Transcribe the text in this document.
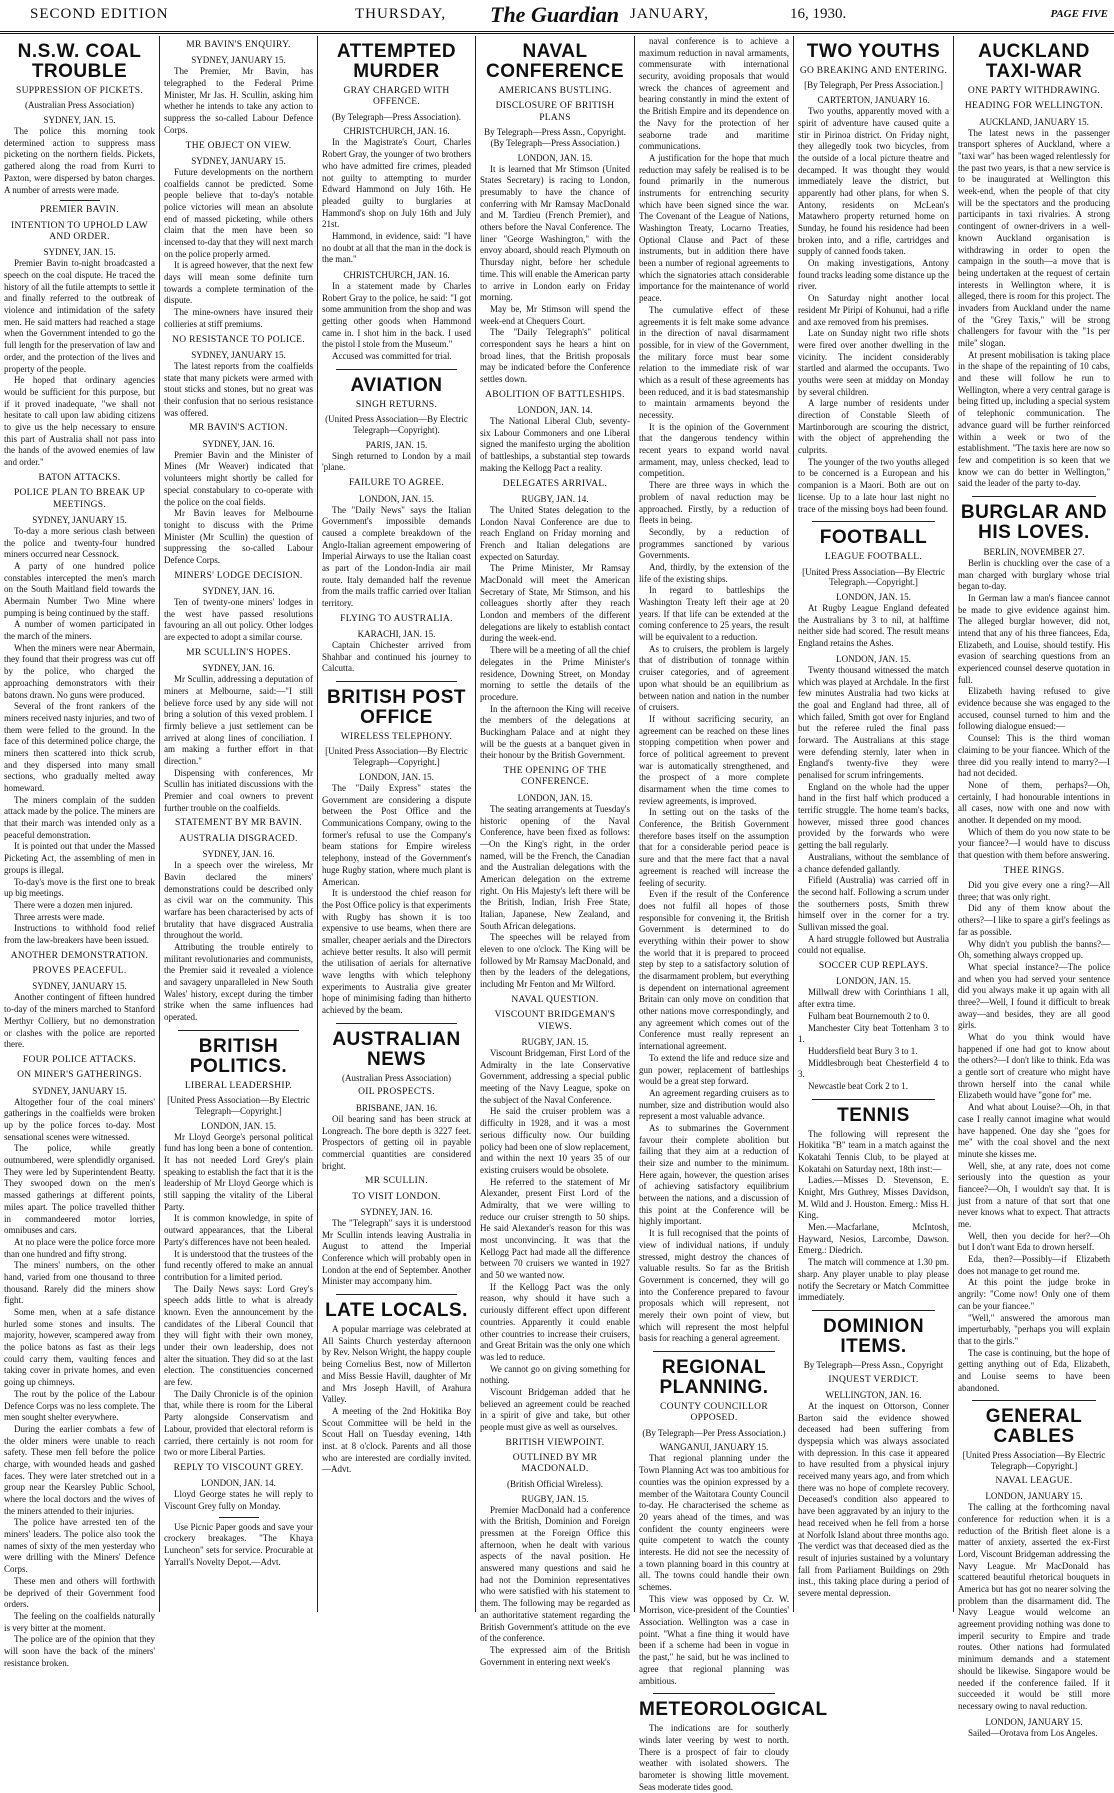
SECOND EDITION	THURSDAY, The Guardian JANUARY,	16, 1930.	PAGE FIVE
N.S.W. COAL TROUBLE
SUPPRESSION OF PICKETS.
(Australian Press Association)
SYDNEY, JAN. 15.

The police this morning took determined action to suppress mass picketing on the northern fields. Pickets, gathered along the road from Kurri to Paxton, were dispersed by baton charges. A number of arrests were made.

PREMIER BAVIN.
INTENTION TO UPHOLD LAW AND ORDER.
SYDNEY, JAN. 15.

Premier Bavin to-night broadcasted a speech on the coal dispute. He traced the history of all the futile attempts to settle it and finally referred to the outbreak of violence and intimidation of the safety men. He said matters had reached a stage when the Government intended to go the full length for the preservation of law and order, and the protection of the lives and property of the people.

He hoped that ordinary agencies would be sufficient for this purpose, but if it proved inadequate, "we shall not hesitate to call upon law abiding citizens to give us the help necessary to ensure this part of Australia shall not pass into the hands of the avowed enemies of law and order."

BATON ATTACKS.
POLICE PLAN TO BREAK UP MEETINGS.
SYDNEY, JANUARY 15.

To-day a more serious clash between the police and twenty-four hundred miners occurred near Cessnock.

A party of one hundred police constables intercepted the men's march on the South Maitland field towards the Abermain Number Two Mine where pumping is being continued by the staff.

A number of women participated in the march of the miners.

When the miners were near Abermain, they found that their progress was cut off by the police, who charged the approaching demonstrators with their batons drawn. No guns were produced.

Several of the front rankers of the miners received nasty injuries, and two of them were felled to the ground. In the face of this determined police charge, the miners then scattered into thick scrub, and they dispersed into many small sections, who gradually melted away homeward.

The miners complain of the sudden attack made by the police. The miners are that their march was intended only as a peaceful demonstration.

It is pointed out that under the Massed Picketing Act, the assembling of men in groups is illegal.

To-day's move is the first one to break up big meetings.

There were a dozen men injured.

Three arrests were made.

Instructions to withhold food relief from the law-breakers have been issued.

ANOTHER DEMONSTRATION.
PROVES PEACEFUL.
SYDNEY, JANUARY 15.

Another contingent of fifteen hundred to-day of the miners marched to Stanford Merthyr Colliery, but no demonstration or clashes with the police are reported there.

FOUR POLICE ATTACKS.
ON MINER'S GATHERINGS.
SYDNEY, JANUARY 15.

Altogether four of the coal miners' gatherings in the coalfields were broken up by the police forces to-day. Most sensational scenes were witnessed.

The police, while greatly outnumbered, were splendidly organised. They were led by Superintendent Beatty. They swooped down on the men's massed gatherings at different points, miles apart. The police travelled thither in commandeered motor lorries, omnibuses and cars.

At no place were the police force more than one hundred and fifty strong.

The miners' numbers, on the other hand, varied from one thousand to three thousand. Rarely did the miners show fight.

Some men, when at a safe distance hurled some stones and insults. The majority, however, scampered away from the police batons as fast as their legs could carry them, vaulting fences and taking cover in private homes, and even going up chimneys.

The rout by the police of the Labour Defence Corps was no less complete. The men sought shelter everywhere.

During the earlier combats a few of the older miners were unable to reach safety. These men fell before the police charge, with wounded heads and gashed faces. They were later stretched out in a group near the Kearsley Public School, where the local doctors and the wives of the miners attended to their injuries.

The police have arrested ten of the miners' leaders. The police also took the names of sixty of the men yesterday who were drilling with the Miners' Defence Corps.

These men and others will forthwith be deprived of their Government food orders.

The feeling on the coalfields naturally is very bitter at the moment.

The police are of the opinion that they will soon have the back of the miners' resistance broken.

MR BAVIN'S ENQUIRY.
SYDNEY, JANUARY 15.

The Premier, Mr Bavin, has telegraphed to the Federal Prime Minister, Mr Jas. H. Scullin, asking him whether he intends to take any action to suppress the so-called Labour Defence Corps.

THE OBJECT ON VIEW.
SYDNEY, JANUARY 15.

Future developments on the northern coalfields cannot be predicted. Some people believe that to-day's notable police victories will mean an absolute end of massed picketing, while others claim that the men have been so incensed to-day that they will next march on the police properly armed.

It is agreed however, that the next few days will mean some definite turn towards a complete termination of the dispute.

The mine-owners have insured their collieries at stiff premiums.

NO RESISTANCE TO POLICE.
SYDNEY, JANUARY 15.

The latest reports from the coalfields state that many pickets were armed with stout sticks and stones, but no great was their confusion that no serious resistance was offered.

MR BAVIN'S ACTION.
SYDNEY, JAN. 16.

Premier Bavin and the Minister of Mines (Mr Weaver) indicated that volunteers might shortly be called for special constabulary to co-operate with the police on the coal fields.

Mr Bavin leaves for Melbourne tonight to discuss with the Prime Minister (Mr Scullin) the question of suppressing the so-called Labour Defence Corps.

MINERS' LODGE DECISION.
SYDNEY, JAN. 16.

Ten of twenty-one miners' lodges in the west have passed resolutions favouring an all out policy. Other lodges are expected to adopt a similar course.

MR SCULLIN'S HOPES.
SYDNEY, JAN. 16.

Mr Scullin, addressing a deputation of miners at Melbourne, said:—"I still believe force used by any side will not bring a solution of this vexed problem. I firmly believe a just settlement can be arrived at along lines of conciliation. I am making a further effort in that direction."

Dispensing with conferences, Mr Scullin has initiated discussions with the Premier and coal owners to prevent further trouble on the coalfields.

STATEMENT BY MR BAVIN.
AUSTRALIA DISGRACED.
SYDNEY, JAN. 16.

In a speech over the wireless, Mr Bavin declared the miners' demonstrations could be described only as civil war on the community. This warfare has been characterised by acts of brutality that have disgraced Australia throughout the world.

Attributing the trouble entirely to militant revolutionaries and communists, the Premier said it revealed a violence and savagery unparalleled in New South Wales' history, except during the timber strike when the same influences had operated.

BRITISH POLITICS.
LIBERAL LEADERSHIP.
[United Press Association—By Electric Telegraph—Copyright.]
LONDON, JAN. 15.

Mr Lloyd George's personal political fund has long been a bone of contention. It has not needed Lord Grey's plain speaking to establish the fact that it is the leadership of Mr Lloyd George which is still sapping the vitality of the Liberal Party.

It is common knowledge, in spite of outward appearances, that the Liberal Party's differences have not been healed.

It is understood that the trustees of the fund recently offered to make an annual contribution for a limited period.

The Daily News says: Lord Grey's speech adds little to what is already known. Even the announcement by the candidates of the Liberal Council that they will fight with their own money, under their own leadership, does not alter the situation. They did so at the last election. The constituencies concerned are few.

The Daily Chronicle is of the opinion that, while there is room for the Liberal Party alongside Conservatism and Labour, provided that electoral reform is carried, there certainly is not room for two or more Liberal Parties.

REPLY TO VISCOUNT GREY.
LONDON, JAN. 14.

Lloyd George states he will reply to Viscount Grey fully on Monday.

Use Picnic Paper goods and save your crockery breakages. "The Khaya Luncheon" sets for service. Procurable at Yarrall's Novelty Depot.—Advt.

ATTEMPTED MURDER
GRAY CHARGED WITH OFFENCE.
(By Telegraph—Press Association).
CHRISTCHURCH, JAN. 16.

In the Magistrate's Court, Charles Robert Gray, the younger of two brothers who have admitted fire crimes, pleaded not guilty to attempting to murder Edward Hammond on July 16th. He pleaded guilty to burglaries at Hammond's shop on July 16th and July 21st.

Hammond, in evidence, said: "I have no doubt at all that the man in the dock is the man."

CHRISTCHURCH, JAN. 16.

In a statement made by Charles Robert Gray to the police, he said: "I got some ammunition from the shop and was getting other goods when Hammond came in. I shot him in the back. I used the pistol I stole from the Museum."

Accused was committed for trial.

AVIATION
SINGH RETURNS.
(United Press Association—By Electric Telegraph—Copyright).
PARIS, JAN. 15.

Singh returned to London by a mail 'plane.

FAILURE TO AGREE.
LONDON, JAN. 15.

The "Daily News" says the Italian Government's impossible demands caused a complete breakdown of the Anglo-Italian agreement empowering of Imperial Airways to use the Italian coast as part of the London-India air mail route. Italy demanded half the revenue from the mails traffic carried over Italian territory.

FLYING TO AUSTRALIA.
KARACHI, JAN. 15.

Captain Chichester arrived from Shahbar and continued his journey to Calcutta.

BRITISH POST OFFICE
WIRELESS TELEPHONY.
[United Press Association—By Electric Telegraph—Copyright.]
LONDON, JAN. 15.

The "Daily Express" states the Government are considering a dispute between the Post Office and the Communications Company, owing to the former's refusal to use the Company's beam stations for Empire wireless telephony, instead of the Government's huge Rugby station, where much plant is American.

It is understood the chief reason for the Post Office policy is that experiments with Rugby has shown it is too expensive to use beams, when there are smaller, cheaper aerials and the Directors achieve better results. It also will permit the utilisation of aerials for alternative wave lengths with which telephony experiments to Australia give greater hope of minimising fading than hitherto achieved by the beam.

AUSTRALIAN NEWS
(Australian Press Association)
OIL PROSPECTS.
BRISBANE, JAN. 16.

Oil bearing sand has been struck at Longreach. The bore depth is 3227 feet. Prospectors of getting oil in payable commercial quantities are considered bright.

MR SCULLIN.
TO VISIT LONDON.
SYDNEY, JAN. 16.

The "Telegraph" says it is understood Mr Scullin intends leaving Australia in August to attend the Imperial Conference which will probably open in London at the end of September. Another Minister may accompany him.

LATE LOCALS.

A popular marriage was celebrated at All Saints Church yesterday afternoon by Rev. Nelson Wright, the happy couple being Cornelius Best, now of Millerton and Miss Bessie Havill, daughter of Mr and Mrs Joseph Havill, of Arahura Valley.

A meeting of the 2nd Hokitika Boy Scout Committee will be held in the Scout Hall on Tuesday evening, 14th inst. at 8 o'clock. Parents and all those who are interested are cordially invited.—Advt.

NAVAL CONFERENCE
AMERICANS BUSTLING.
DISCLOSURE OF BRITISH PLANS
By Telegraph—Press Assn., Copyright. (By Telegraph—Press Association.)
LONDON, JAN. 15.

It is learned that Mr Stimson (United States Secretary) is racing to London, presumably to have the chance of conferring with Mr Ramsay MacDonald and M. Tardieu (French Premier), and others before the Naval Conference. The liner "George Washington," with the envoy aboard, should reach Plymouth on Thursday night, before her schedule time. This will enable the American party to arrive in London early on Friday morning.

May be, Mr Stimson will spend the week-end at Chequers Court.

The "Daily Telegraph's" political correspondent says he hears a hint on broad lines, that the British proposals may be indicated before the Conference settles down.

ABOLITION OF BATTLESHIPS.
LONDON, JAN. 14.

The National Liberal Club, seventy-six Labour Commoners and one Liberal signed the manifesto urging the abolition of battleships, a substantial step towards making the Kellogg Pact a reality.

DELEGATES ARRIVAL.
RUGBY, JAN. 14.

The United States delegation to the London Naval Conference are due to reach England on Friday morning and French and Italian delegations are expected on Saturday.

The Prime Minister, Mr Ramsay MacDonald will meet the American Secretary of State, Mr Stimson, and his colleagues shortly after they reach London and members of the different delegations are likely to establish contact during the week-end.

There will be a meeting of all the chief delegates in the Prime Minister's residence, Downing Street, on Monday morning to settle the details of the procedure.

In the afternoon the King will receive the members of the delegations at Buckingham Palace and at night they will be the guests at a banquet given in their honour by the British Government.

THE OPENING OF THE CONFERENCE.
LONDON, JAN. 15.

The seating arrangements at Tuesday's historic opening of the Naval Conference, have been fixed as follows:—On the King's right, in the order named, will be the French, the Canadian and the Australian delegations with the American delegation on the extreme right. On His Majesty's left there will be the British, Indian, Irish Free State, Italian, Japanese, New Zealand, and South African delegations.

The speeches will be relayed from eleven to one o'clock. The King will be followed by Mr Ramsay MacDonald, and then by the leaders of the delegations, including Mr Fenton and Mr Wilford.

NAVAL QUESTION.
VISCOUNT BRIDGEMAN'S VIEWS.
RUGBY, JAN. 15.

Viscount Bridgeman, First Lord of the Admiralty in the late Conservative Government, addressing a special public meeting of the Navy League, spoke on the subject of the Naval Conference.

He said the cruiser problem was a difficulty in 1928, and it was a most serious difficulty now. Our building policy had been one of slow replacement, and within the next 10 years 35 of our existing cruisers would be obsolete.

He referred to the statement of Mr Alexander, present First Lord of the Admiralty, that we were willing to reduce our cruiser strength to 50 ships. He said Alexander's reason for this was most unconvincing. It was that the Kellogg Pact had made all the difference between 70 cruisers we wanted in 1927 and 50 we wanted now.

If the Kellogg Pact was the only reason, why should it have such a curiously different effect upon different countries. Apparently it could enable other countries to increase their cruisers, and Great Britain was the only one which was led to reduce.

We cannot go on giving something for nothing.

Viscount Bridgeman added that he believed an agreement could be reached in a spirit of give and take, but other people must give as well as ourselves.

BRITISH VIEWPOINT.
OUTLINED BY MR MACDONALD.
(British Official Wireless).
RUGBY, JAN. 15.

Premier MacDonald had a conference with the British, Dominion and Foreign pressmen at the Foreign Office this afternoon, when he dealt with various aspects of the naval position. He answered many questions and said he had not the Dominion representatives who were satisfied with his statement to them. The following may be regarded as an authoritative statement regarding the British Government's attitude on the eve of the conference.

The expressed aim of the British Government in entering next week's

naval conference is to achieve a maximum reduction in naval armaments, commensurate with international security, avoiding proposals that would wreck the chances of agreement and bearing constantly in mind the extent of the British Empire and its dependence on the Navy for the protection of her seaborne trade and maritime communications.

A justification for the hope that much reduction may safely be realised is to be found primarily in the numerous instruments for entrenching security which have been signed since the war. The Covenant of the League of Nations, Washington Treaty, Locarno Treaties, Optional Clause and Pact of these instruments, but in addition there have been a number of regional agreements to which the signatories attach considerable importance for the maintenance of world peace.

The cumulative effect of these agreements it is felt make some advance in the direction of naval disarmament possible, for in view of the Government, the military force must bear some relation to the immediate risk of war which as a result of these agreements has been reduced, and it is bad statesmanship to maintain armaments beyond the necessity.

It is the opinion of the Government that the dangerous tendency within recent years to expand world naval armament, may, unless checked, lead to competition.

There are three ways in which the problem of naval reduction may be approached. Firstly, by a reduction of fleets in being.

Secondly, by a reduction of programmes sanctioned by various Governments.

And, thirdly, by the extension of the life of the existing ships.

In regard to battleships the Washington Treaty left their age at 20 years. If that life can be extended at the coming conference to 25 years, the result will be equivalent to a reduction.

As to cruisers, the problem is largely that of distribution of tonnage within cruiser categories, and of agreement upon what should be an equilibrium as between nation and nation in the number of cruisers.

If without sacrificing security, an agreement can be reached on these lines stopping competition when power and force of political agreement to prevent war is automatically strengthened, and the prospect of a more complete disarmament when the time comes to review agreements, is improved.

In setting out on the tasks of the Conference, the British Government therefore bases itself on the assumption that for a considerable period peace is sure and that the mere fact that a naval agreement is reached will increase the feeling of security.

Even if the result of the Conference does not fulfil all hopes of those responsible for convening it, the British Government is determined to do everything within their power to show the world that it is prepared to proceed step by step to a satisfactory solution of the disarmament problem, but everything is dependent on international agreement Britain can only move on condition that other nations move correspondingly, and any agreement which comes out of the Conference must really represent an international agreement.

To extend the life and reduce size and gun power, replacement of battleships would be a great step forward.

An agreement regarding cruisers as to number, size and distribution would also represent a most valuable advance.

As to submarines the Government favour their complete abolition but failing that they aim at a reduction of their size and number to the minimum. Here again, however, the question arises of achieving satisfactory equilibrium between the nations, and a discussion of this point at the Conference will be highly important.

It is full recognised that the points of view of individual nations, if unduly stressed, might destroy the chances of valuable results. So far as the British Government is concerned, they will go into the Conference prepared to favour proposals which will represent, not merely their own point of view, but which will represent the most helpful basis for reaching a general agreement.

REGIONAL PLANNING.
COUNTY COUNCILLOR OPPOSED.
(By Telegraph—Per Press Association.)
WANGANUI, JANUARY 15.

That regional planning under the Town Planning Act was too ambitious for counties was the opinion expressed by a member of the Waitotara County Council to-day. He characterised the scheme as 20 years ahead of the times, and was confident the county engineers were quite competent to watch the county interests. He did not see the necessity of a town planning board in this country at all. The towns could handle their own schemes.

This view was opposed by Cr. W. Morrison, vice-president of the Counties' Association. Wellington was a case in point. "What a fine thing it would have been if a scheme had been in vogue in the past," he said, but he was inclined to agree that regional planning was ambitious.

METEOROLOGICAL

The indications are for southerly winds later veering by west to north. There is a prospect of fair to cloudy weather with isolated showers. The barometer is showing little movement. Seas moderate tides good.

TWO YOUTHS
GO BREAKING AND ENTERING.
[By Telegraph, Per Press Association.]
CARTERTON, JANUARY 16.

Two youths, apparently moved with a spirit of adventure have caused quite a stir in Pirinoa district. On Friday night, they allegedly took two bicycles, from the outside of a local picture theatre and decamped. It was thought they would immediately leave the district, but apparently had other plans, for when S. Antony, residents on McLean's Matawhero property returned home on Sunday, he found his residence had been broken into, and a rifle, cartridges and supply of canned foods taken.

On making investigations, Antony found tracks leading some distance up the river.

On Saturday night another local resident Mr Piripi of Kohunui, had a rifle and axe removed from his premises.

Late on Sunday night two rifle shots were fired over another dwelling in the vicinity. The incident considerably startled and alarmed the occupants. Two youths were seen at midday on Monday by several children.

A large number of residents under direction of Constable Sleeth of Martinborough are scouring the district, with the object of apprehending the culprits.

The younger of the two youths alleged to be concerned is a European and his companion is a Maori. Both are out on license. Up to a late hour last night no trace of the missing boys had been found.

FOOTBALL
LEAGUE FOOTBALL.
[United Press Association—By Electric Telegraph.—Copyright.]
LONDON, JAN. 15.

At Rugby League England defeated the Australians by 3 to nil, at halftime neither side had scored. The result means England retains the Ashes.

LONDON, JAN. 15.

Twenty thousand witnessed the match which was played at Archdale. In the first few minutes Australia had two kicks at the goal and England had three, all of which failed, Smith got over for England but the referee ruled the final pass forward. The Australians at this stage were defending sternly, later when in England's twenty-five they were penalised for scrum infringements.

England on the whole had the upper hand in the first half which produced a terrific struggle. The home team's backs, however, missed three good chances provided by the forwards who were getting the ball regularly.

Australians, without the semblance of a chance defended gallantly.

Fifield (Australia) was carried off in the second half. Following a scrum under the southerners posts, Smith threw himself over in the corner for a try. Sullivan missed the goal.

A hard struggle followed but Australia could not equalise.

SOCCER CUP REPLAYS.
LONDON, JAN. 15.

Millwall drew with Corinthians 1 all, after extra time.

Fulham beat Bournemouth 2 to 0.

Manchester City beat Tottenham 3 to 1.

Huddersfield beat Bury 3 to 1.

Middlesbrough beat Chesterfield 4 to 3.

Newcastle beat Cork 2 to 1.

TENNIS

The following will represent the Hokitika "B" team in a match against the Kokatahi Tennis Club, to be played at Kokatahi on Saturday next, 18th inst:—

Ladies.—Misses D. Stevenson, E. Knight, Mrs Guthrey, Misses Davidson, M. Wild and J. Houston. Emerg.: Miss H. King.

Men.—Macfarlane, McIntosh, Hayward, Nesios, Larcombe, Dawson. Emerg.: Diedrich.

The match will commence at 1.30 pm. sharp. Any player unable to play please notify the Secretary or Match Committee immediately.

DOMINION ITEMS.
By Telegraph—Press Assn., Copyright
INQUEST VERDICT.
WELLINGTON, JAN. 16.

At the inquest on Ottorson, Conner Barton said the evidence showed deceased had been suffering from dyspepsia which was always associated with depression. In this case it appeared to have resulted from a physical injury received many years ago, and from which there was no hope of complete recovery. Deceased's condition also appeared to have been aggravated by an injury to the head received when he fell from a horse at Norfolk Island about three months ago. The verdict was that deceased died as the result of injuries sustained by a voluntary fall from Parliament Buildings on 29th inst., this taking place during a period of severe mental depression.

AUCKLAND TAXI-WAR
ONE PARTY WITHDRAWING.
HEADING FOR WELLINGTON.
AUCKLAND, JANUARY 15.

The latest news in the passenger transport spheres of Auckland, where a "taxi war" has been waged relentlessly for the past two years, is that a new service is to be inaugurated at Wellington this week-end, when the people of that city will be the spectators and the producing participants in taxi rivalries. A strong contingent of owner-drivers in a well-known Auckland organisation is withdrawing in order to open the campaign in the south—a move that is being undertaken at the request of certain interests in Wellington where, it is alleged, there is room for this project. The invaders from Auckland under the name of the "Grey Taxis," will be strong challengers for favour with the "1s per mile" slogan.

At present mobilisation is taking place in the shape of the repainting of 10 cabs, and these will follow he run to Wellington, where a very central garage is being fitted up, including a special system of telephonic communication. The advance guard will be further reinforced within a week or two of the establishment. "The taxis here are now so few and competition is so keen that we know we can do better in Wellington," said the leader of the party to-day.

BURGLAR AND HIS LOVES.
BERLIN, NOVEMBER 27.

Berlin is chuckling over the case of a man charged with burglary whose trial began to-day.

In German law a man's fiancee cannot be made to give evidence against him. The alleged burglar however, did not, intend that any of his three fiancees, Eda, Elizabeth, and Louise, should testify. His evasion of searching questions from an experienced counsel deserve quotation in full.

Elizabeth having refused to give evidence because she was engaged to the accused, counsel turned to him and the following dialogue ensued:—

Counsel: This is the third woman claiming to be your fiancee. Which of the three did you really intend to marry?—I had not decided.

None of them, perhaps?—Oh, certainly, I had honourable intentions in all cases, now with one and now with another. It depended on my mood.

Which of them do you now state to be your fiancee?—I would have to discuss that question with them before answering.

THEE RINGS.

Did you give every one a ring?—All three; that was only right.

Did any of them know about the others?—I like to spare a girl's feelings as far as possible.

Why didn't you publish the banns?—Oh, something always cropped up.

What special instance?—The police and when you had served your sentence did you always make it up again with all three?—Well, I found it difficult to break away—and besides, they are all good girls.

What do you think would have happened if one had got to know about the others?—I don't like to think. Eda was a gentle sort of creature who might have thrown herself into the canal while Elizabeth would have "gone for" me.

And what about Louise?—Oh, in that case I really cannot imagine what would have happened. One day she "goes for me" with the coal shovel and the next minute she kisses me.

Well, she, at any rate, does not come seriously into the question as your fiancee?—Oh, I wouldn't say that. It is just from a nature of that sort that one never knows what to expect. That attracts me.

Well, then you decide for her?—Oh but I don't want Eda to drown herself.

Eda, then?—Possibly—if Elizabeth does not manage to get round me.

At this point the judge broke in angrily: "Come now! Only one of them can be your fiancee."

"Well," answered the amorous man imperturbably, "perhaps you will explain that to the girls."

The case is continuing, but the hope of getting anything out of Eda, Elizabeth, and Louise seems to have been abandoned.

GENERAL CABLES
[United Press Association—By Electric Telegraph—Copyright.]
NAVAL LEAGUE.
LONDON, JANUARY 15.

The calling at the forthcoming naval conference for reduction when it is a reduction of the British fleet alone is a matter of anxiety, asserted the ex-First Lord, Viscount Bridgeman addressing the Navy League. Mr MacDonald has scattered beautiful rhetorical bouquets in America but has got no nearer solving the problem than the disarmament did. The Navy League would welcome an agreement providing nothing was done to imperil security to Empire and trade routes. Other nations had formulated minimum demands and a statement should be likewise. Singapore would be needed if the conference failed. If it succeeded it would be still more necessary owing to naval reduction.

LONDON, JANUARY 15.

Sailed—Orotava from Los Angeles.
